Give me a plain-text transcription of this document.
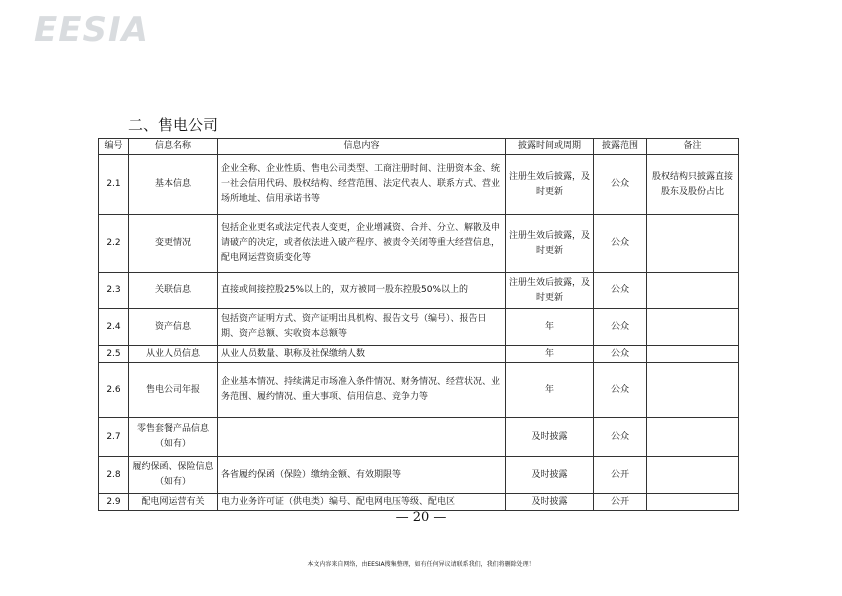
EESIA
二、售电公司
编号	信息名称	信息内容	披露时间或周期	披露范围	备注
2.1	基本信息	企业全称、企业性质、售电公司类型、工商注册时间、注册资本金、统一社会信用代码、股权结构、经营范围、法定代表人、联系方式、营业场所地址、信用承诺书等	注册生效后披露，及时更新	公众	股权结构只披露直接股东及股份占比
2.2	变更情况	包括企业更名或法定代表人变更，企业增减资、合并、分立、解散及申请破产的决定，或者依法进入破产程序、被责令关闭等重大经营信息，配电网运营资质变化等	注册生效后披露，及时更新	公众	
2.3	关联信息	直接或间接控股25%以上的，双方被同一股东控股50%以上的	注册生效后披露，及时更新	公众	
2.4	资产信息	包括资产证明方式、资产证明出具机构、报告文号（编号）、报告日期、资产总额、实收资本总额等	年	公众	
2.5	从业人员信息	从业人员数量、职称及社保缴纳人数	年	公众	
2.6	售电公司年报	企业基本情况、持续满足市场准入条件情况、财务情况、经营状况、业务范围、履约情况、重大事项、信用信息、竞争力等	年	公众	
2.7	零售套餐产品信息（如有）		及时披露	公众	
2.8	履约保函、保险信息（如有）	各省履约保函（保险）缴纳金额、有效期限等	及时披露	公开	
2.9	配电网运营有关	电力业务许可证（供电类）编号、配电网电压等级、配电区	及时披露	公开	
— 20 —
本文内容来自网络，由EESIA搜集整理，如有任何异议请联系我们，我们将删除处理！
